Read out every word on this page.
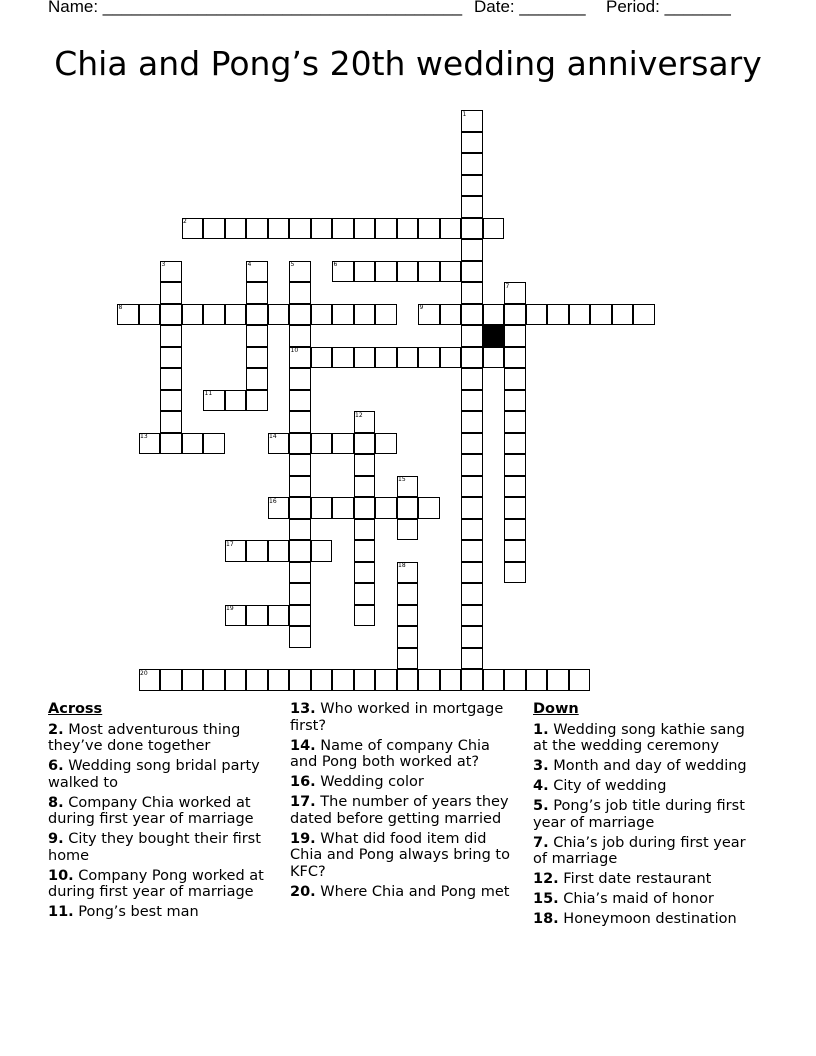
Name: ______________________________________ Date: _______ Period: _______
Chia and Pong’s 20th wedding anniversary
1
2
3	4	5	6
7
8	9
10
11
12
13	14
15
16
17
18
19
20
Across
2. Most adventurous thing they’ve done together
6. Wedding song bridal party walked to
8. Company Chia worked at during first year of marriage
9. City they bought their first home
10. Company Pong worked at during first year of marriage
11. Pong’s best man
13. Who worked in mortgage first?
14. Name of company Chia and Pong both worked at?
16. Wedding color
17. The number of years they dated before getting married
19. What did food item did Chia and Pong always bring to KFC?
20. Where Chia and Pong met
Down
1. Wedding song kathie sang at the wedding ceremony
3. Month and day of wedding
4. City of wedding
5. Pong’s job title during first year of marriage
7. Chia’s job during first year of marriage
12. First date restaurant
15. Chia’s maid of honor
18. Honeymoon destination
